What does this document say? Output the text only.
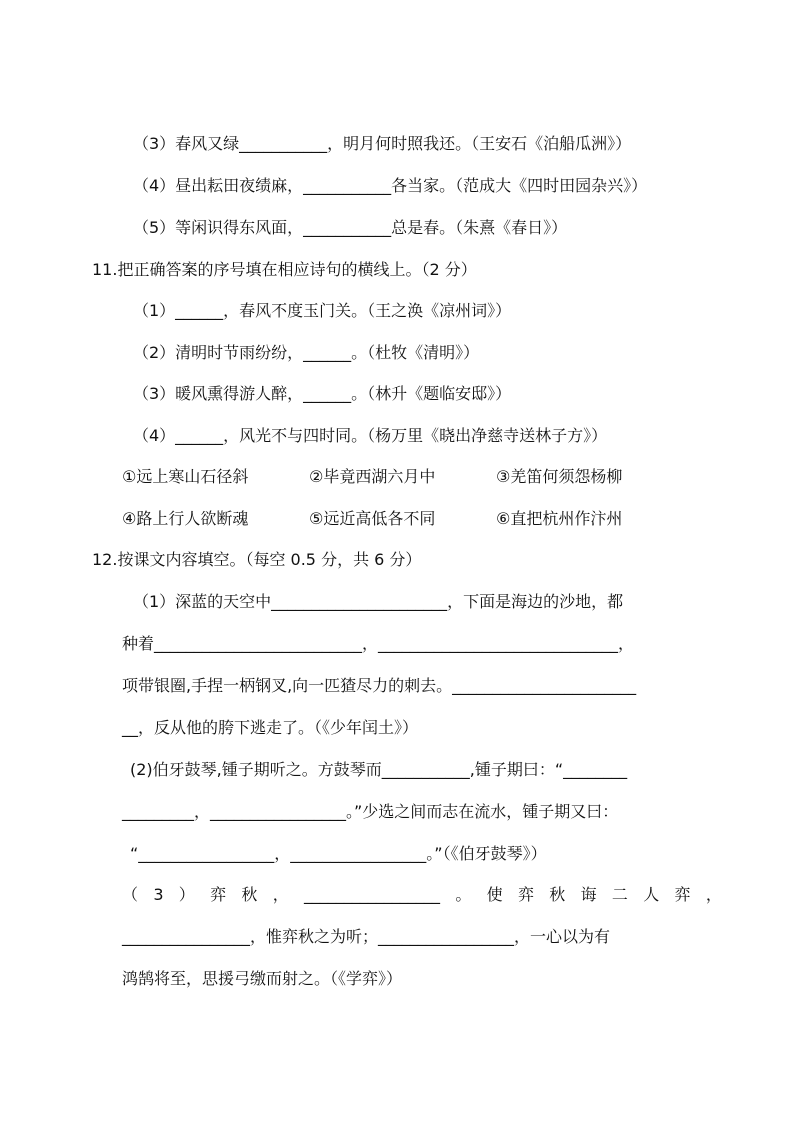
（3）春风又绿___________，明月何时照我还。（王安石《泊船瓜洲》）
（4）昼出耘田夜绩麻，___________各当家。（范成大《四时田园杂兴》）
（5）等闲识得东风面，___________总是春。（朱熹《春日》）
11.把正确答案的序号填在相应诗句的横线上。（2 分）
（1）______，春风不度玉门关。（王之涣《凉州词》）
（2）清明时节雨纷纷，______。（杜牧《清明》）
（3）暖风熏得游人醉，______。（林升《题临安邸》）
（4）______，风光不与四时同。（杨万里《晓出净慈寺送林子方》）
①远上寒山石径斜	②毕竟西湖六月中	③羌笛何须怨杨柳
④路上行人欲断魂	⑤远近高低各不同	⑥直把杭州作汴州
12.按课文内容填空。（每空 0.5 分，共 6 分）
（1）深蓝的天空中______________________，下面是海边的沙地，都
种着__________________________，______________________________，
项带银圈,手捏一柄钢叉,向一匹猹尽力的刺去。_______________________
__，反从他的胯下逃走了。（《少年闰土》）
(2)伯牙鼓琴,锺子期听之。方鼓琴而___________,锺子期曰：“________
_________，_________________。”少选之间而志在流水，锺子期又曰：
“_________________，_________________。”（《伯牙鼓琴》）
（ 3 ） 弈 秋 ， _________________ 。 使 弈 秋 诲 二 人 弈 ，
________________，惟弈秋之为听；_________________，一心以为有
鸿鹄将至，思援弓缴而射之。（《学弈》）
